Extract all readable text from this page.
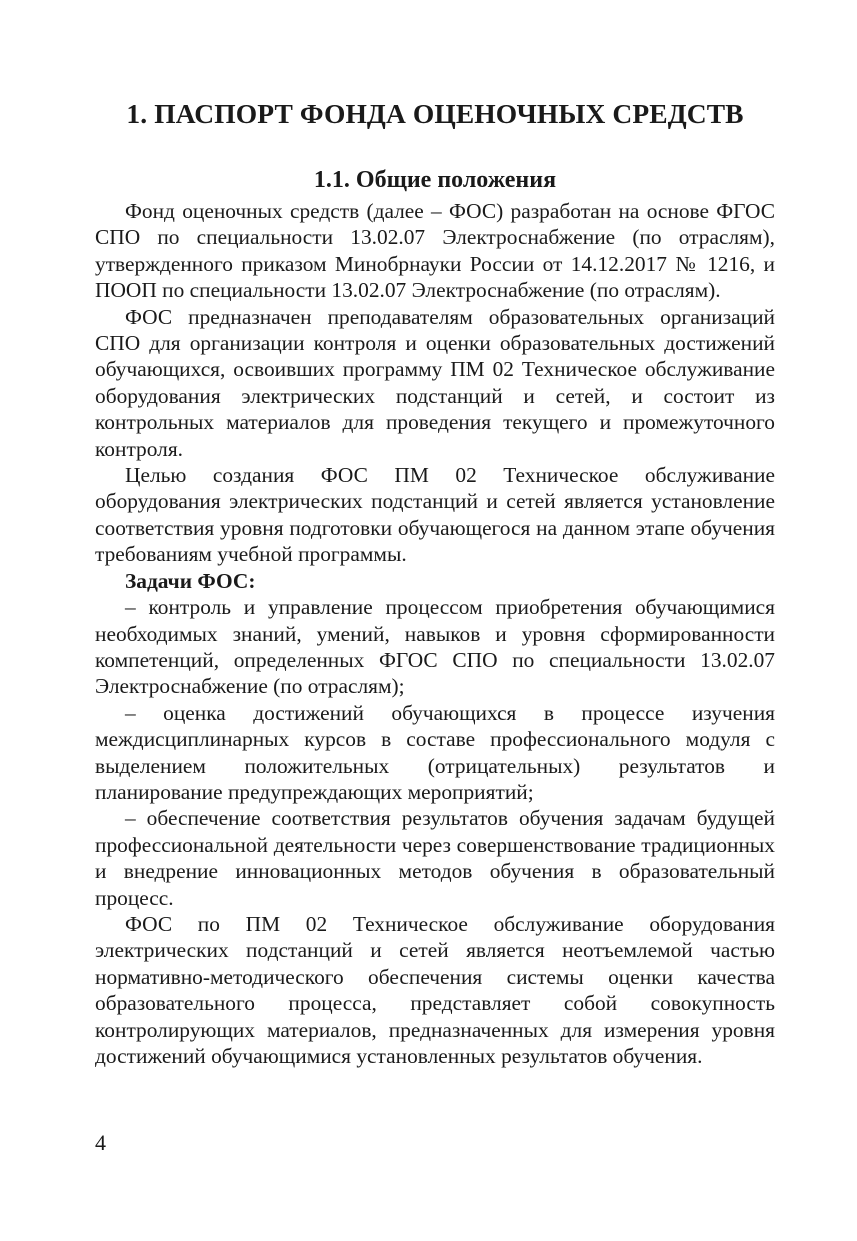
1. ПАСПОРТ ФОНДА ОЦЕНОЧНЫХ СРЕДСТВ
1.1. Общие положения

Фонд оценочных средств (далее – ФОС) разработан на основе ФГОС СПО по специальности 13.02.07 Электроснабжение (по отраслям), утвержденного приказом Минобрнауки России от 14.12.2017 № 1216, и ПООП по специальности 13.02.07 Электроснабжение (по отраслям).

ФОС предназначен преподавателям образовательных организаций СПО для организации контроля и оценки образовательных достижений обучающихся, освоивших программу ПМ 02 Техническое обслуживание оборудования электрических подстанций и сетей, и состоит из контрольных материалов для проведения текущего и промежуточного контроля.

Целью создания ФОС ПМ 02 Техническое обслуживание оборудования электрических подстанций и сетей является установление соответствия уровня подготовки обучающегося на данном этапе обучения требованиям учебной программы.

Задачи ФОС:

– контроль и управление процессом приобретения обучающимися необходимых знаний, умений, навыков и уровня сформированности компетенций, определенных ФГОС СПО по специальности 13.02.07 Электроснабжение (по отраслям);

– оценка достижений обучающихся в процессе изучения междисциплинарных курсов в составе профессионального модуля с выделением положительных (отрицательных) результатов и планирование предупреждающих мероприятий;

– обеспечение соответствия результатов обучения задачам будущей профессиональной деятельности через совершенствование традиционных и внедрение инновационных методов обучения в образовательный процесс.

ФОС по ПМ 02 Техническое обслуживание оборудования электрических подстанций и сетей является неотъемлемой частью нормативно-методического обеспечения системы оценки качества образовательного процесса, представляет собой совокупность контролирующих материалов, предназначенных для измерения уровня достижений обучающимися установленных результатов обучения.

4
